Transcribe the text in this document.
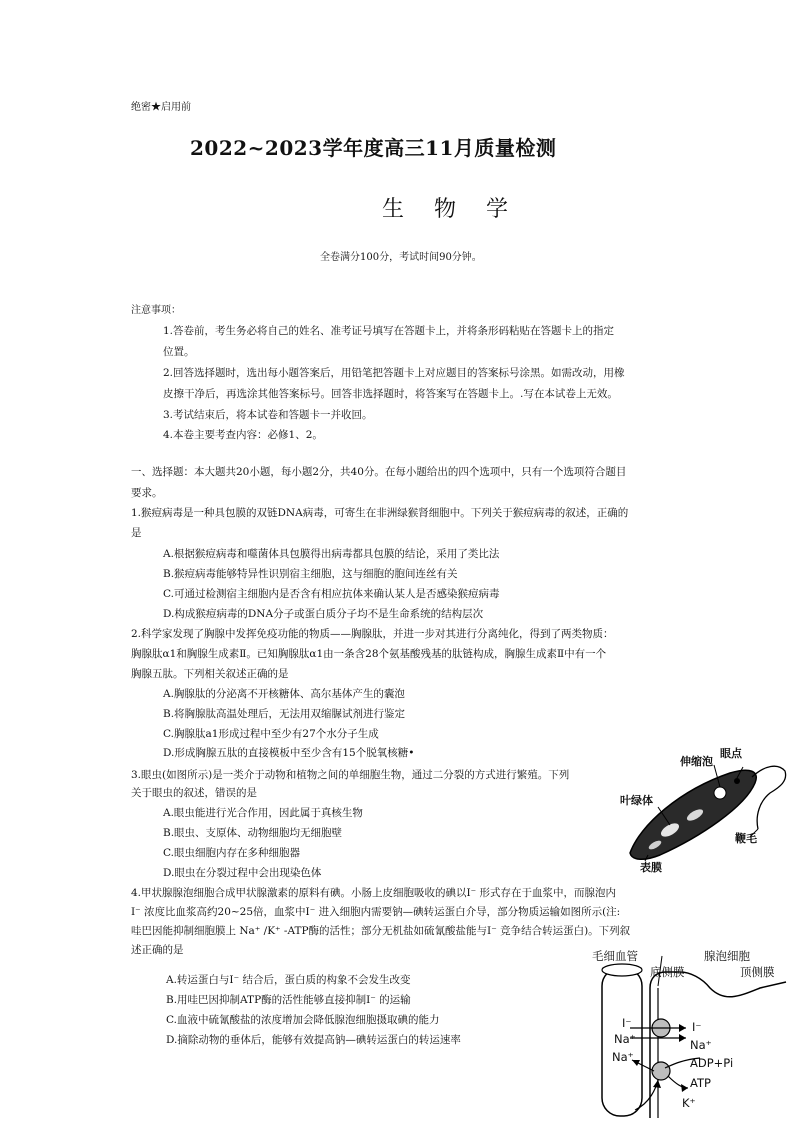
绝密★启用前
2022~2023学年度高三11月质量检测
生物学
全卷满分100分，考试时间90分钟。
注意事项：
1.答卷前，考生务必将自己的姓名、准考证号填写在答题卡上，并将条形码粘贴在答题卡上的指定
位置。
2.回答选择题时，选出每小题答案后，用铅笔把答题卡上对应题目的答案标号涂黑。如需改动，用橡
皮擦干净后，再选涂其他答案标号。回答非选择题时，将答案写在答题卡上。.写在本试卷上无效。
3.考试结束后，将本试卷和答题卡一并收回。
4.本卷主要考查内容：必修1、2。
一、选择题：本大题共20小题，每小题2分，共40分。在每小题给出的四个选项中，只有一个选项符合题目
要求。
1.猴痘病毒是一种具包膜的双链DNA病毒，可寄生在非洲绿猴肾细胞中。下列关于猴痘病毒的叙述，正确的
是
A.根据猴痘病毒和噬菌体具包膜得出病毒都具包膜的结论，采用了类比法
B.猴痘病毒能够特异性识别宿主细胞，这与细胞的胞间连丝有关
C.可通过检测宿主细胞内是否含有相应抗体来确认某人是否感染猴痘病毒
D.构成猴痘病毒的DNA分子或蛋白质分子均不是生命系统的结构层次
2.科学家发现了胸腺中发挥免疫功能的物质——胸腺肽，并进一步对其进行分离纯化，得到了两类物质：
胸腺肽α1和胸腺生成素Ⅱ。已知胸腺肽α1由一条含28个氨基酸残基的肽链构成，胸腺生成素Ⅱ中有一个
胸腺五肽。下列相关叙述正确的是
A.胸腺肽的分泌离不开核糖体、高尔基体产生的囊泡
B.将胸腺肽高温处理后，无法用双缩脲试剂进行鉴定
C.胸腺肽a1形成过程中至少有27个水分子生成
D.形成胸腺五肽的直接模板中至少含有15个脱氧核糖•
3.眼虫(如图所示)是一类介于动物和植物之间的单细胞生物，通过二分裂的方式进行繁殖。下列
关于眼虫的叙述，错误的是
A.眼虫能进行光合作用，因此属于真核生物
B.眼虫、支原体、动物细胞均无细胞壁
C.眼虫细胞内存在多种细胞器
D.眼虫在分裂过程中会出现染色体
眼点
伸缩泡
叶绿体
鞭毛
表膜
4.甲状腺腺泡细胞合成甲状腺激素的原料有碘。小肠上皮细胞吸收的碘以I⁻ 形式存在于血浆中，而腺泡内
I⁻ 浓度比血浆高约20~25倍，血浆中I⁻ 进入细胞内需要钠—碘转运蛋白介导，部分物质运输如图所示(注:
哇巴因能抑制细胞膜上 Na⁺ /K⁺ -ATP酶的活性；部分无机盐如硫氰酸盐能与I⁻ 竞争结合转运蛋白)。下列叙
述正确的是
A.转运蛋白与I⁻ 结合后，蛋白质的构象不会发生改变
B.用哇巴因抑制ATP酶的活性能够直接抑制I⁻ 的运输
C.血液中硫氰酸盐的浓度增加会降低腺泡细胞摄取碘的能力
D.摘除动物的垂体后，能够有效提高钠—碘转运蛋白的转运速率
毛细血管	腺泡细胞
底侧膜	顶侧膜
I⁻
Na⁺
Na⁺
I⁻
Na⁺
ADP+Pi
ATP
K⁺
